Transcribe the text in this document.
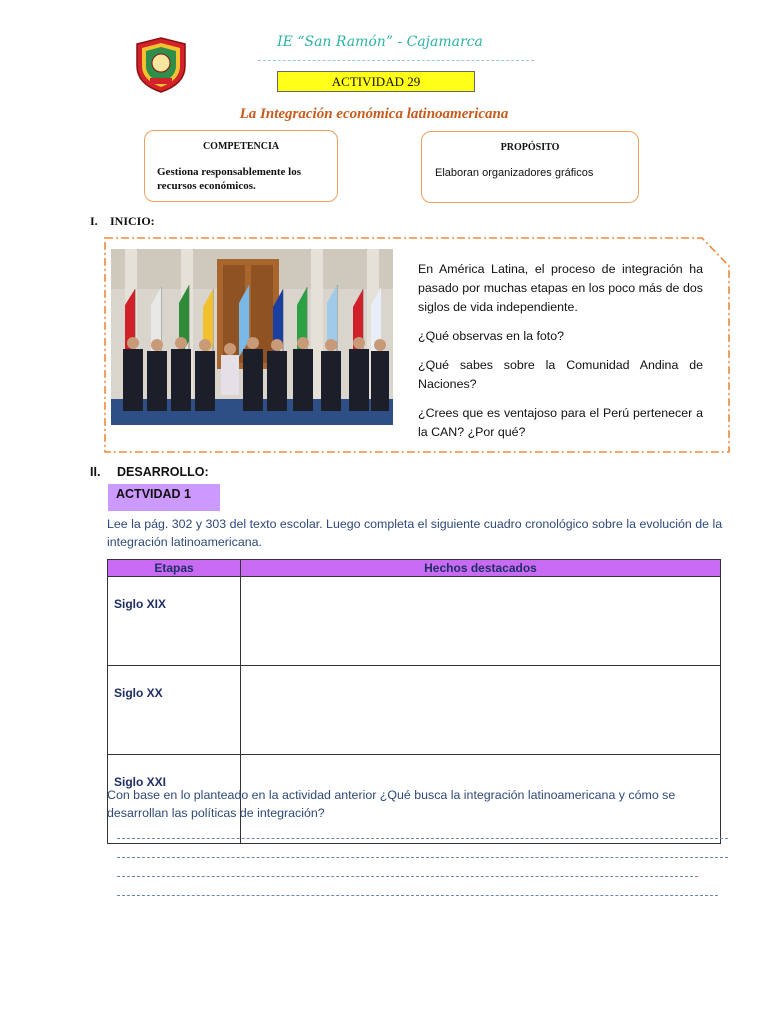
IE “San Ramón” - Cajamarca
ACTIVIDAD 29
La Integración económica latinoamericana
COMPETENCIA
Gestiona responsablemente los recursos económicos.
PROPÓSITO
Elaboran organizadores gráficos
I. INICIO:

En América Latina, el proceso de integración ha pasado por muchas etapas en los poco más de dos siglos de vida independiente.

¿Qué observas en la foto?

¿Qué sabes sobre la Comunidad Andina de Naciones?

¿Crees que es ventajoso para el Perú pertenecer a la CAN? ¿Por qué?

II. DESARROLLO:
ACTVIDAD 1
Lee la pág. 302 y 303 del texto escolar. Luego completa el siguiente cuadro cronológico sobre la evolución de la integración latinoamericana.
Etapas	Hechos destacados
Siglo XIX	
Siglo XX	
Siglo XXI	
Con base en lo planteado en la actividad anterior ¿Qué busca la integración latinoamericana y cómo se desarrollan las políticas de integración?
